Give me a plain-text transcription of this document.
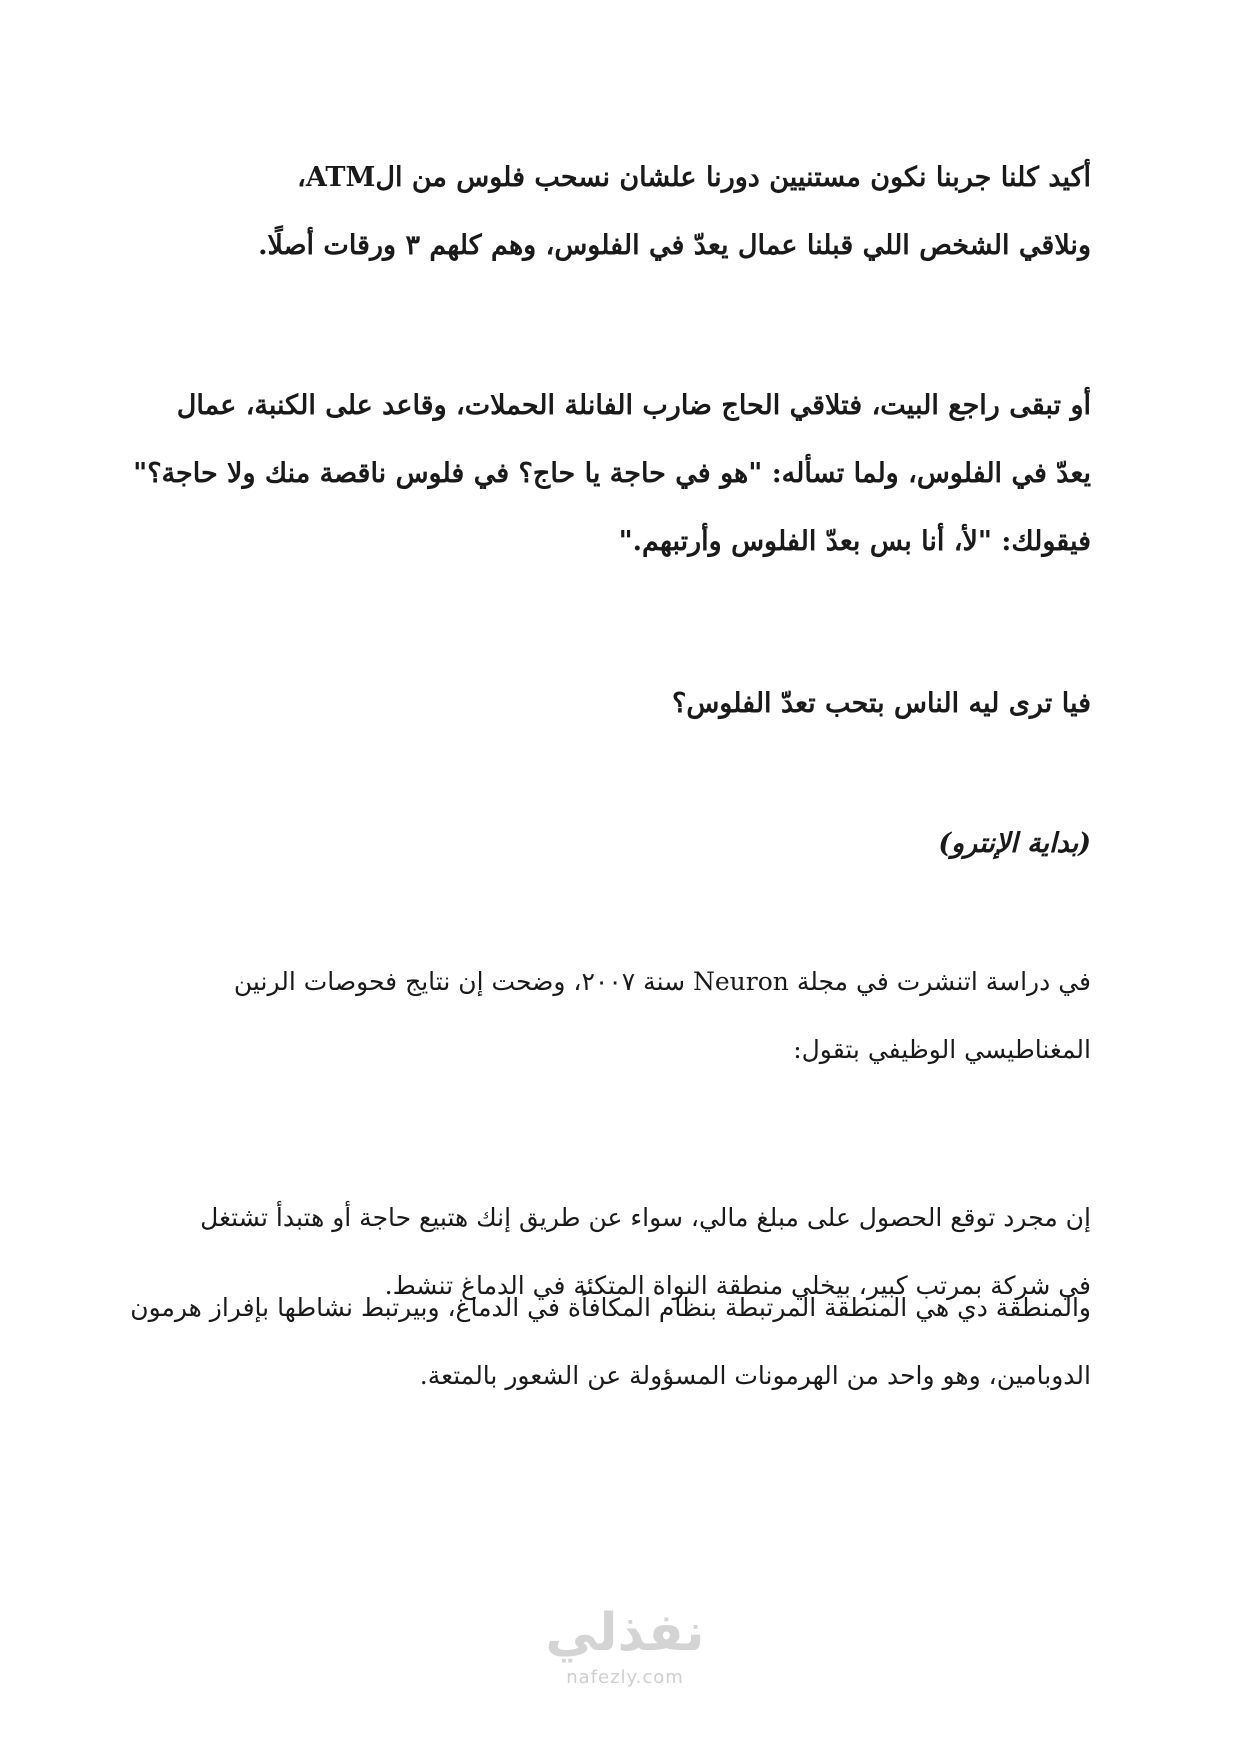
أكيد كلنا جربنا نكون مستنيين دورنا علشان نسحب فلوس من الATM،
ونلاقي الشخص اللي قبلنا عمال يعدّ في الفلوس، وهم كلهم ٣ ورقات أصلًا.

أو تبقى راجع البيت، فتلاقي الحاج ضارب الفانلة الحملات، وقاعد على الكنبة، عمال
يعدّ في الفلوس، ولما تسأله: "هو في حاجة يا حاج؟ في فلوس ناقصة منك ولا حاجة؟"
فيقولك: "لأ، أنا بس بعدّ الفلوس وأرتبهم."

فيا ترى ليه الناس بتحب تعدّ الفلوس؟

(بداية الإنترو)

في دراسة اتنشرت في مجلة Neuron سنة ٢٠٠٧، وضحت إن نتايج فحوصات الرنين
المغناطيسي الوظيفي بتقول:

إن مجرد توقع الحصول على مبلغ مالي، سواء عن طريق إنك هتبيع حاجة أو هتبدأ تشتغل
في شركة بمرتب كبير، بيخلي منطقة النواة المتكئة في الدماغ تنشط.

والمنطقة دي هي المنطقة المرتبطة بنظام المكافأة في الدماغ، وبيرتبط نشاطها بإفراز هرمون
الدوبامين، وهو واحد من الهرمونات المسؤولة عن الشعور بالمتعة.

نفذلي
nafezly.com
